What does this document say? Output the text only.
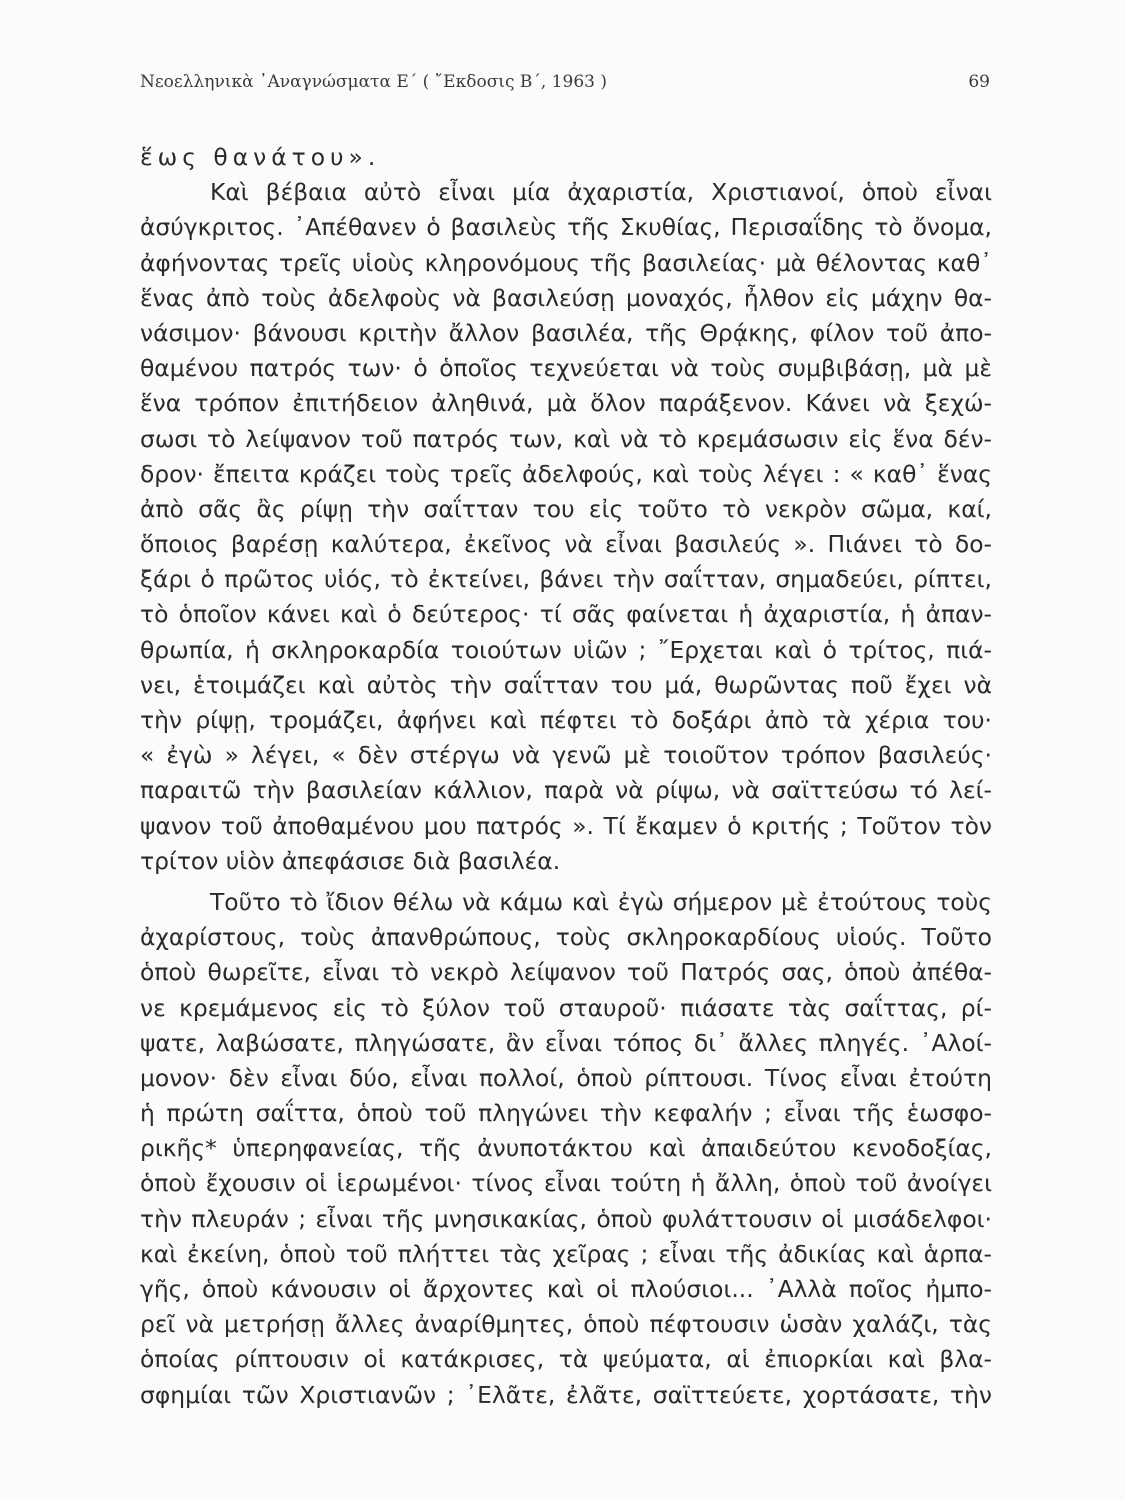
Νεοελληνικὰ ᾿Αναγνώσματα Ε΄ ( ῎Εκδοσις Β΄, 1963 )	69
ἕως θανάτου».
Καὶ βέβαια αὐτὸ εἶναι μία ἀχαριστία, Χριστιανοί, ὁποὺ εἶναι
ἀσύγκριτος. ᾿Απέθανεν ὁ βασιλεὺς τῆς Σκυθίας, Περισαΐδης τὸ ὄνομα,
ἀφήνοντας τρεῖς υἱοὺς κληρονόμους τῆς βασιλείας· μὰ θέλοντας καθ᾿
ἕνας ἀπὸ τοὺς ἀδελφοὺς νὰ βασιλεύσῃ μοναχός, ἦλθον εἰς μάχην θα-
νάσιμον· βάνουσι κριτὴν ἄλλον βασιλέα, τῆς Θρᾴκης, φίλον τοῦ ἀπο-
θαμένου πατρός των· ὁ ὁποῖος τεχνεύεται νὰ τοὺς συμβιβάσῃ, μὰ μὲ
ἕνα τρόπον ἐπιτήδειον ἀληθινά, μὰ ὅλον παράξενον. Κάνει νὰ ξεχώ-
σωσι τὸ λείψανον τοῦ πατρός των, καὶ νὰ τὸ κρεμάσωσιν εἰς ἕνα δέν-
δρον· ἔπειτα κράζει τοὺς τρεῖς ἀδελφούς, καὶ τοὺς λέγει : « καθ᾿ ἕνας
ἀπὸ σᾶς ἂς ρίψῃ τὴν σαΐτταν του εἰς τοῦτο τὸ νεκρὸν σῶμα, καί,
ὅποιος βαρέσῃ καλύτερα, ἐκεῖνος νὰ εἶναι βασιλεύς ». Πιάνει τὸ δο-
ξάρι ὁ πρῶτος υἱός, τὸ ἐκτείνει, βάνει τὴν σαΐτταν, σημαδεύει, ρίπτει,
τὸ ὁποῖον κάνει καὶ ὁ δεύτερος· τί σᾶς φαίνεται ἡ ἀχαριστία, ἡ ἀπαν-
θρωπία, ἡ σκληροκαρδία τοιούτων υἱῶν ; ῎Ερχεται καὶ ὁ τρίτος, πιά-
νει, ἑτοιμάζει καὶ αὐτὸς τὴν σαΐτταν του μά, θωρῶντας ποῦ ἔχει νὰ
τὴν ρίψῃ, τρομάζει, ἀφήνει καὶ πέφτει τὸ δοξάρι ἀπὸ τὰ χέρια του·
« ἐγὼ » λέγει, « δὲν στέργω νὰ γενῶ μὲ τοιοῦτον τρόπον βασιλεύς·
παραιτῶ τὴν βασιλείαν κάλλιον, παρὰ νὰ ρίψω, νὰ σαϊττεύσω τό λεί-
ψανον τοῦ ἀποθαμένου μου πατρός ». Τί ἔκαμεν ὁ κριτής ; Τοῦτον τὸν
τρίτον υἱὸν ἀπεφάσισε διὰ βασιλέα.
Τοῦτο τὸ ἴδιον θέλω νὰ κάμω καὶ ἐγὼ σήμερον μὲ ἐτούτους τοὺς
ἀχαρίστους, τοὺς ἀπανθρώπους, τοὺς σκληροκαρδίους υἱούς. Τοῦτο
ὁποὺ θωρεῖτε, εἶναι τὸ νεκρὸ λείψανον τοῦ Πατρός σας, ὁποὺ ἀπέθα-
νε κρεμάμενος εἰς τὸ ξύλον τοῦ σταυροῦ· πιάσατε τὰς σαΐττας, ρί-
ψατε, λαβώσατε, πληγώσατε, ἂν εἶναι τόπος δι᾿ ἄλλες πληγές. ᾿Αλοί-
μονον· δὲν εἶναι δύο, εἶναι πολλοί, ὁποὺ ρίπτουσι. Τίνος εἶναι ἐτούτη
ἡ πρώτη σαΐττα, ὁποὺ τοῦ πληγώνει τὴν κεφαλήν ; εἶναι τῆς ἑωσφο-
ρικῆς* ὑπερηφανείας, τῆς ἀνυποτάκτου καὶ ἀπαιδεύτου κενοδοξίας,
ὁποὺ ἔχουσιν οἱ ἱερωμένοι· τίνος εἶναι τούτη ἡ ἄλλη, ὁποὺ τοῦ ἀνοίγει
τὴν πλευράν ; εἶναι τῆς μνησικακίας, ὁποὺ φυλάττουσιν οἱ μισάδελφοι·
καὶ ἐκείνη, ὁποὺ τοῦ πλήττει τὰς χεῖρας ; εἶναι τῆς ἀδικίας καὶ ἁρπα-
γῆς, ὁποὺ κάνουσιν οἱ ἄρχοντες καὶ οἱ πλούσιοι... ᾿Αλλὰ ποῖος ἠμπο-
ρεῖ νὰ μετρήσῃ ἄλλες ἀναρίθμητες, ὁποὺ πέφτουσιν ὡσὰν χαλάζι, τὰς
ὁποίας ρίπτουσιν οἱ κατάκρισες, τὰ ψεύματα, αἱ ἐπιορκίαι καὶ βλα-
σφημίαι τῶν Χριστιανῶν ; ᾿Ελᾶτε, ἐλᾶτε, σαϊττεύετε, χορτάσατε, τὴν
